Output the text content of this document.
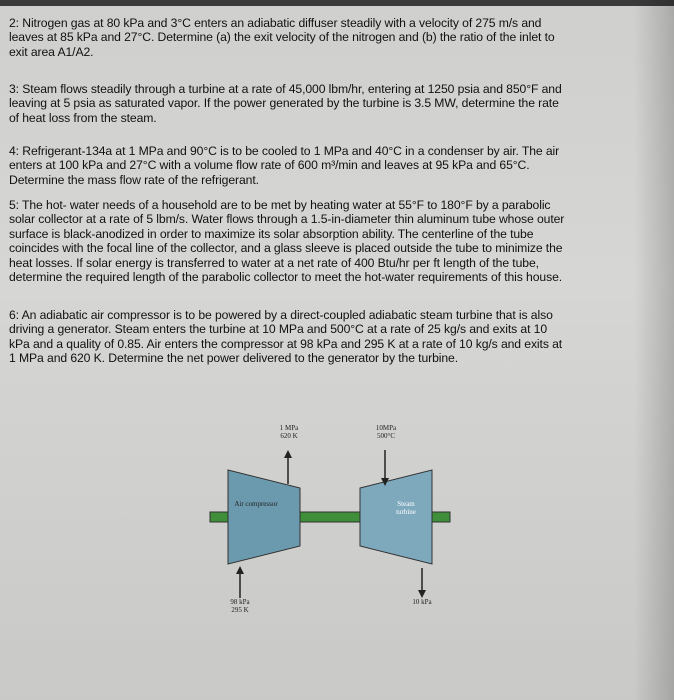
2: Nitrogen gas at 80 kPa and 3°C enters an adiabatic diffuser steadily with a velocity of 275 m/s and
leaves at 85 kPa and 27°C. Determine (a) the exit velocity of the nitrogen and (b) the ratio of the inlet to
exit area A1/A2.
3: Steam flows steadily through a turbine at a rate of 45,000 lbm/hr, entering at 1250 psia and 850°F and
leaving at 5 psia as saturated vapor. If the power generated by the turbine is 3.5 MW, determine the rate
of heat loss from the steam.
4: Refrigerant-134a at 1 MPa and 90°C is to be cooled to 1 MPa and 40°C in a condenser by air. The air
enters at 100 kPa and 27°C with a volume flow rate of 600 m³/min and leaves at 95 kPa and 65°C.
Determine the mass flow rate of the refrigerant.
5: The hot- water needs of a household are to be met by heating water at 55°F to 180°F by a parabolic
solar collector at a rate of 5 lbm/s. Water flows through a 1.5-in-diameter thin aluminum tube whose outer
surface is black-anodized in order to maximize its solar absorption ability. The centerline of the tube
coincides with the focal line of the collector, and a glass sleeve is placed outside the tube to minimize the
heat losses. If solar energy is transferred to water at a net rate of 400 Btu/hr per ft length of the tube,
determine the required length of the parabolic collector to meet the hot-water requirements of this house.
6: An adiabatic air compressor is to be powered by a direct-coupled adiabatic steam turbine that is also
driving a generator. Steam enters the turbine at 10 MPa and 500°C at a rate of 25 kg/s and exits at 10
kPa and a quality of 0.85. Air enters the compressor at 98 kPa and 295 K at a rate of 10 kg/s and exits at
1 MPa and 620 K. Determine the net power delivered to the generator by the turbine.
1 MPa
620 K
10MPa
500°C
Air compressor	Steam turbine
98 kPa
295 K
10 kPa
